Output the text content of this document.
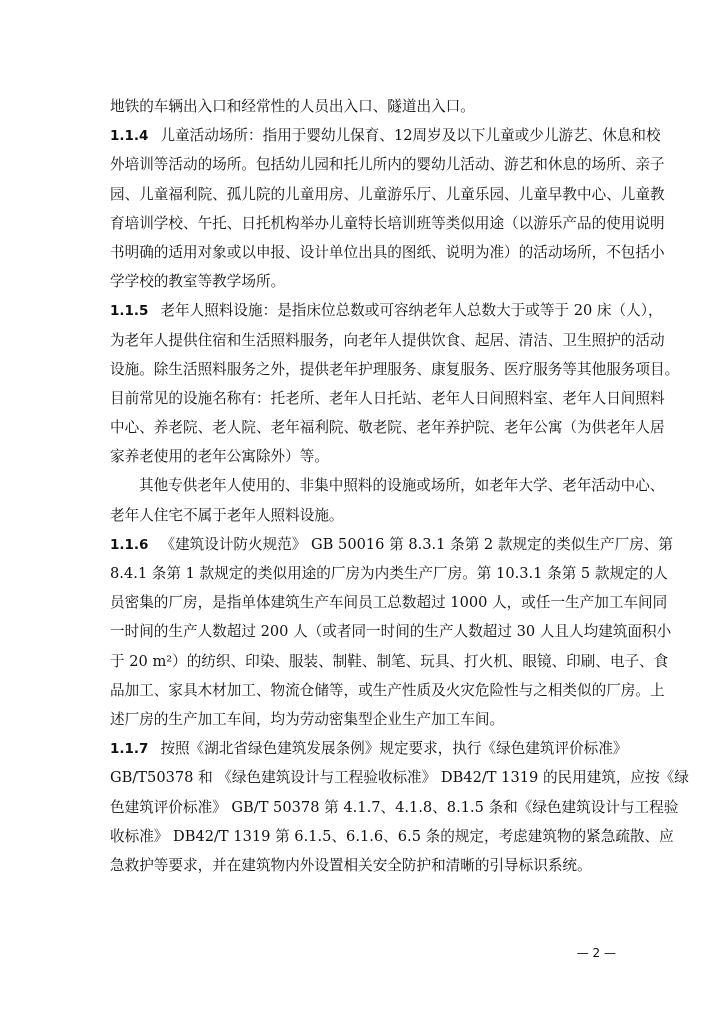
地铁的车辆出入口和经常性的人员出入口、隧道出入口。
1.1.4 儿童活动场所：指用于婴幼儿保育、12周岁及以下儿童或少儿游艺、休息和校
外培训等活动的场所。包括幼儿园和托儿所内的婴幼儿活动、游艺和休息的场所、亲子
园、儿童福利院、孤儿院的儿童用房、儿童游乐厅、儿童乐园、儿童早教中心、儿童教
育培训学校、午托、日托机构举办儿童特长培训班等类似用途（以游乐产品的使用说明
书明确的适用对象或以申报、设计单位出具的图纸、说明为准）的活动场所，不包括小
学学校的教室等教学场所。
1.1.5 老年人照料设施：是指床位总数或可容纳老年人总数大于或等于 20 床（人），
为老年人提供住宿和生活照料服务，向老年人提供饮食、起居、清洁、卫生照护的活动
设施。除生活照料服务之外，提供老年护理服务、康复服务、医疗服务等其他服务项目。
目前常见的设施名称有：托老所、老年人日托站、老年人日间照料室、老年人日间照料
中心、养老院、老人院、老年福利院、敬老院、老年养护院、老年公寓（为供老年人居
家养老使用的老年公寓除外）等。
其他专供老年人使用的、非集中照料的设施或场所，如老年大学、老年活动中心、
老年人住宅不属于老年人照料设施。
1.1.6 《建筑设计防火规范》 GB 50016 第 8.3.1 条第 2 款规定的类似生产厂房、第
8.4.1 条第 1 款规定的类似用途的厂房为内类生产厂房。第 10.3.1 条第 5 款规定的人
员密集的厂房，是指单体建筑生产车间员工总数超过 1000 人，或任一生产加工车间同
一时间的生产人数超过 200 人（或者同一时间的生产人数超过 30 人且人均建筑面积小
于 20 m²）的纺织、印染、服装、制鞋、制笔、玩具、打火机、眼镜、印刷、电子、食
品加工、家具木材加工、物流仓储等，或生产性质及火灾危险性与之相类似的厂房。上
述厂房的生产加工车间，均为劳动密集型企业生产加工车间。
1.1.7 按照《湖北省绿色建筑发展条例》规定要求，执行《绿色建筑评价标准》
GB/T50378 和 《绿色建筑设计与工程验收标准》 DB42/T 1319 的民用建筑，应按《绿
色建筑评价标准》 GB/T 50378 第 4.1.7、4.1.8、8.1.5 条和《绿色建筑设计与工程验
收标准》 DB42/T 1319 第 6.1.5、6.1.6、6.5 条的规定，考虑建筑物的紧急疏散、应
急救护等要求，并在建筑物内外设置相关安全防护和清晰的引导标识系统。
— 2 —
